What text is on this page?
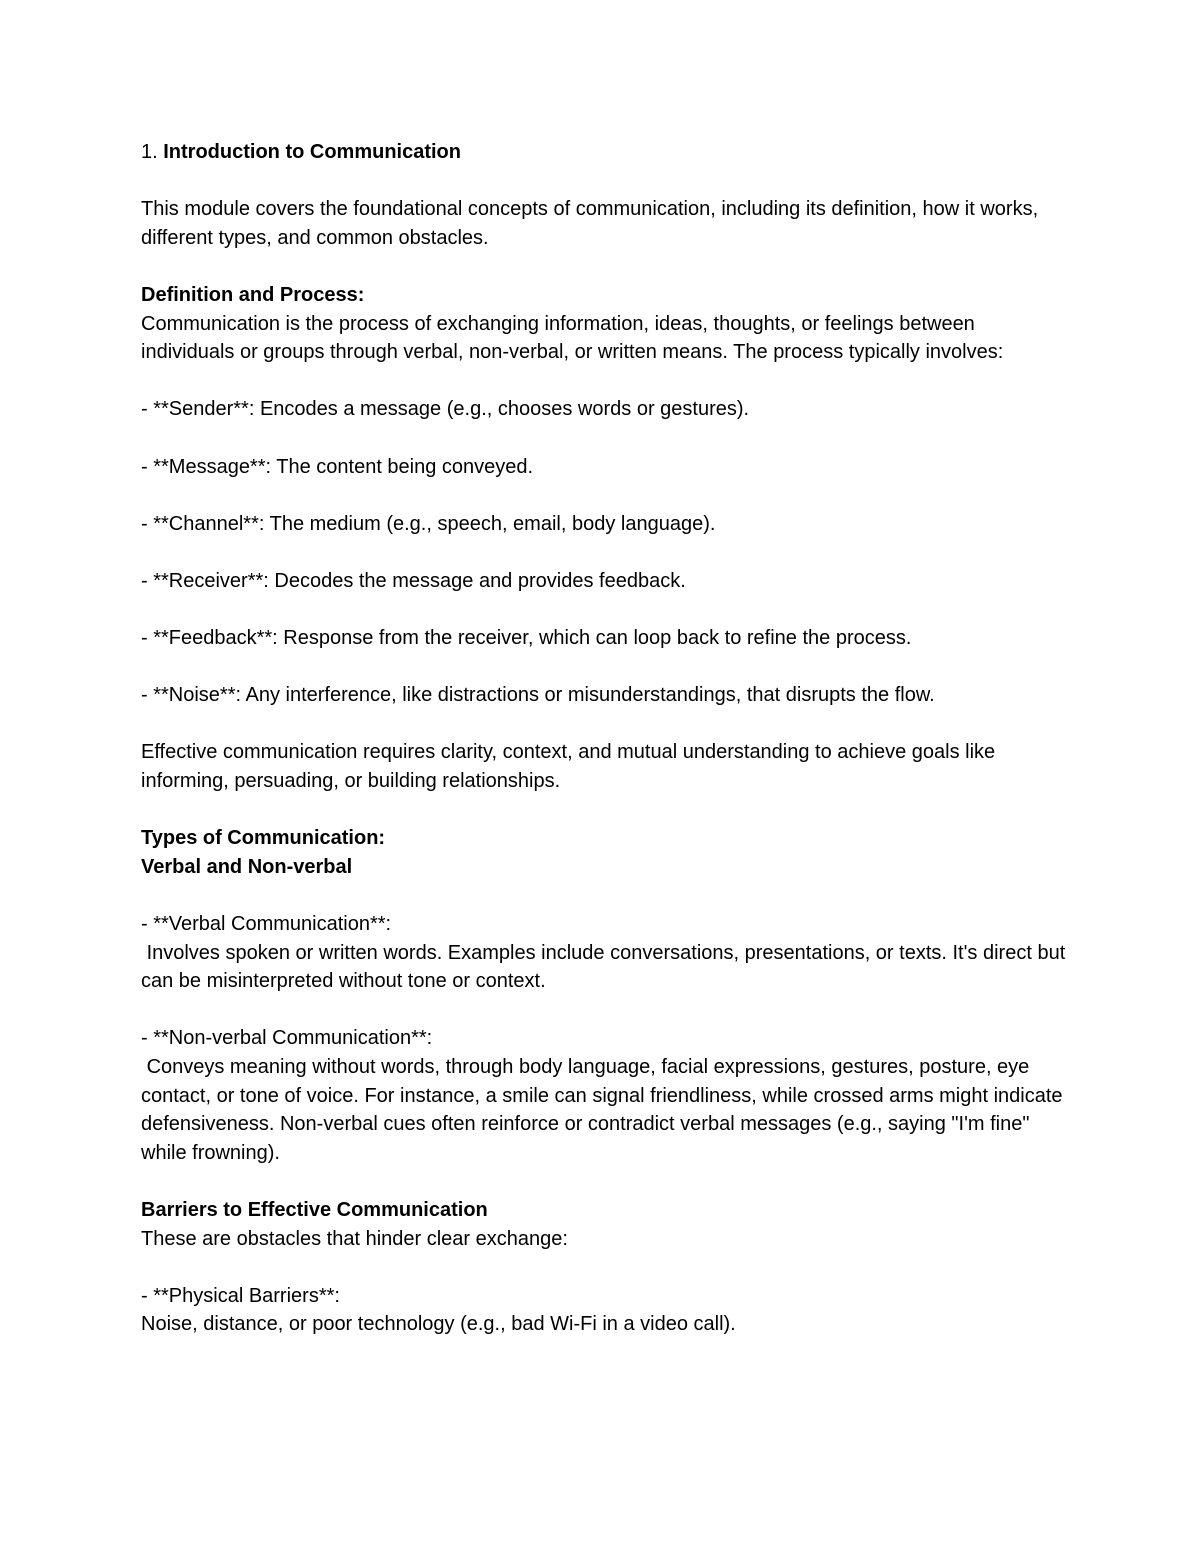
1. Introduction to Communication

This module covers the foundational concepts of communication, including its definition, how it works, different types, and common obstacles.

Definition and Process:

Communication is the process of exchanging information, ideas, thoughts, or feelings between individuals or groups through verbal, non-verbal, or written means. The process typically involves:

- **Sender**: Encodes a message (e.g., chooses words or gestures).

- **Message**: The content being conveyed.

- **Channel**: The medium (e.g., speech, email, body language).

- **Receiver**: Decodes the message and provides feedback.

- **Feedback**: Response from the receiver, which can loop back to refine the process.

- **Noise**: Any interference, like distractions or misunderstandings, that disrupts the flow.

Effective communication requires clarity, context, and mutual understanding to achieve goals like informing, persuading, or building relationships.

Types of Communication:

Verbal and Non-verbal

- **Verbal Communication**:

Involves spoken or written words. Examples include conversations, presentations, or texts. It's direct but can be misinterpreted without tone or context.

- **Non-verbal Communication**:

Conveys meaning without words, through body language, facial expressions, gestures, posture, eye contact, or tone of voice. For instance, a smile can signal friendliness, while crossed arms might indicate defensiveness. Non-verbal cues often reinforce or contradict verbal messages (e.g., saying "I'm fine" while frowning).

Barriers to Effective Communication

These are obstacles that hinder clear exchange:

- **Physical Barriers**:

Noise, distance, or poor technology (e.g., bad Wi-Fi in a video call).
